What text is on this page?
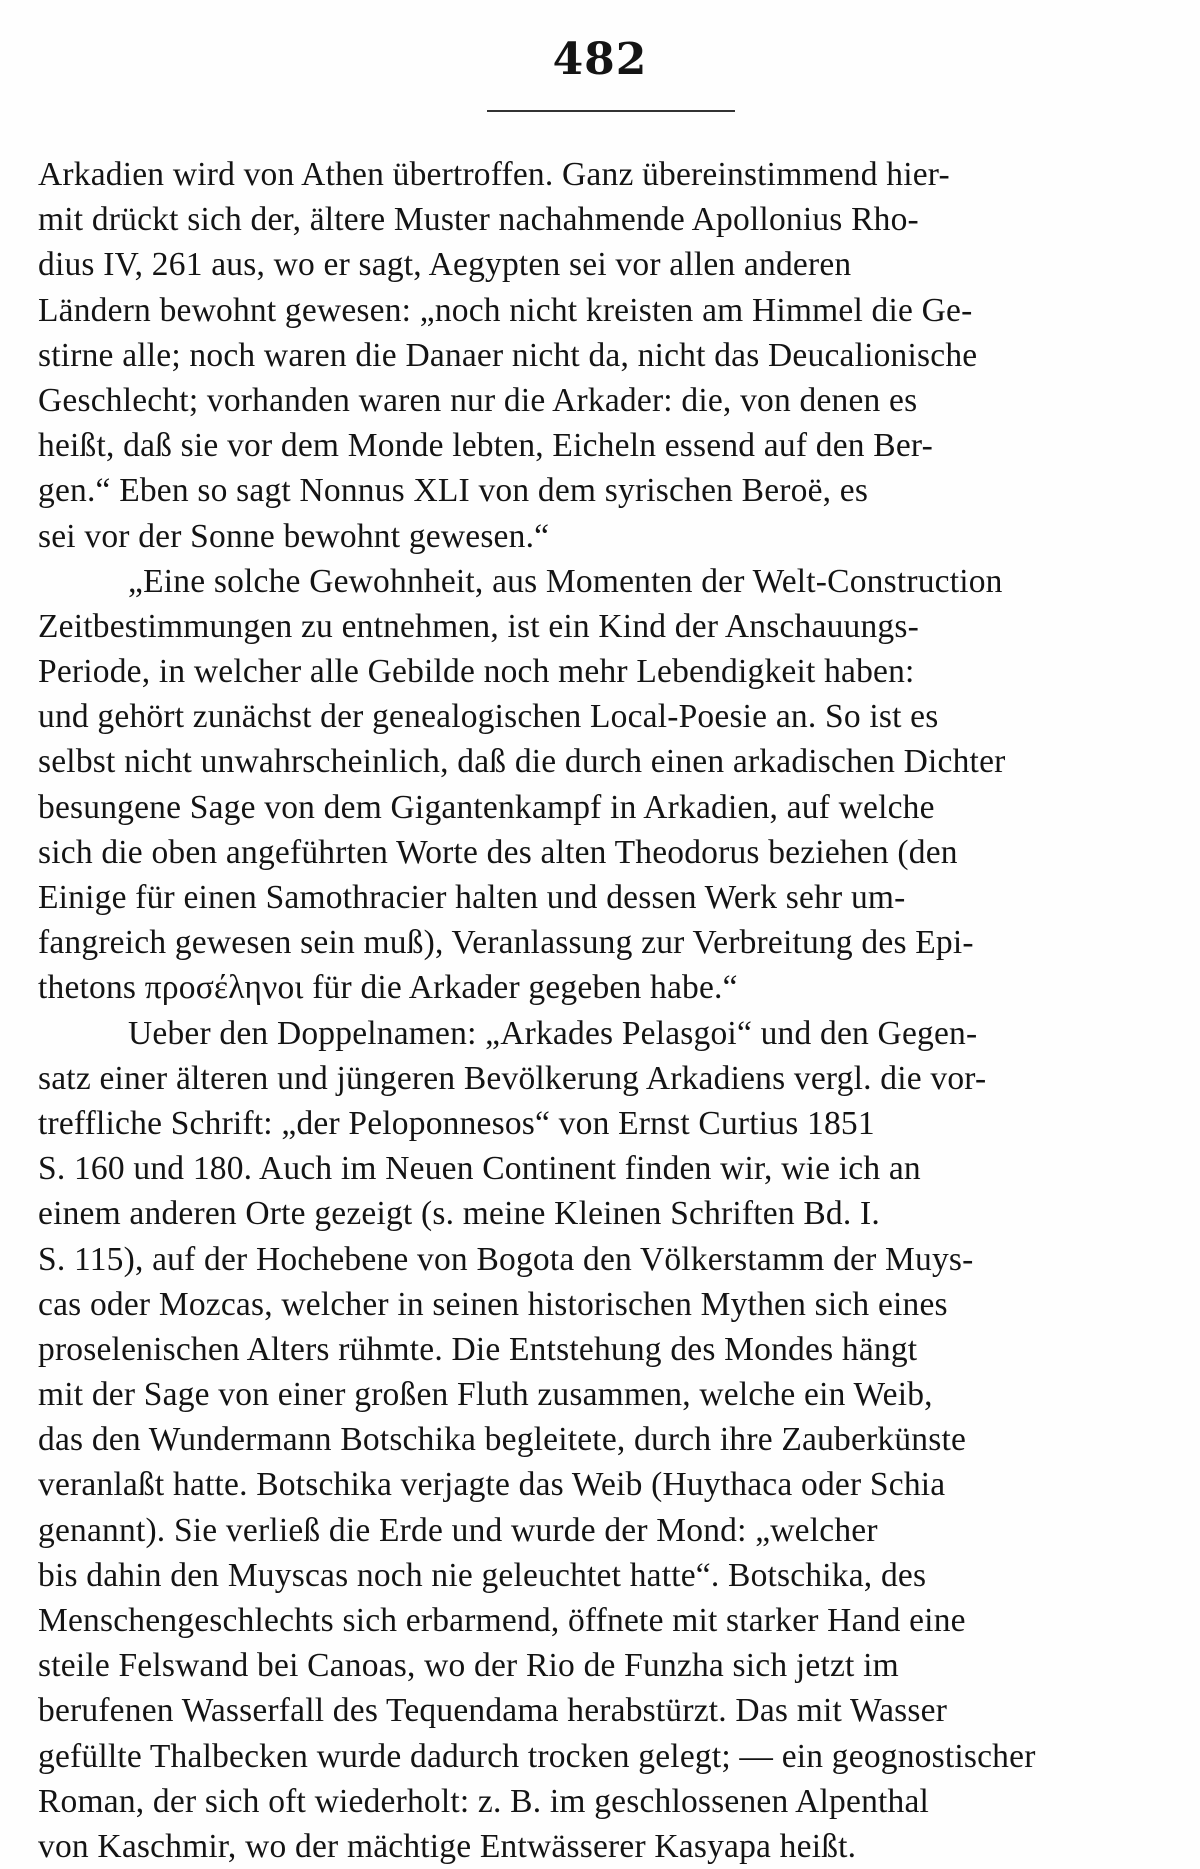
482
Arkadien wird von Athen übertroffen. Ganz übereinstimmend hier-
mit drückt sich der, ältere Muster nachahmende Apollonius Rho-
dius IV, 261 aus, wo er sagt, Aegypten sei vor allen anderen
Ländern bewohnt gewesen: „noch nicht kreisten am Himmel die Ge-
stirne alle; noch waren die Danaer nicht da, nicht das Deucalionische
Geschlecht; vorhanden waren nur die Arkader: die, von denen es
heißt, daß sie vor dem Monde lebten, Eicheln essend auf den Ber-
gen.“ Eben so sagt Nonnus XLI von dem syrischen Beroë, es
sei vor der Sonne bewohnt gewesen.“
„Eine solche Gewohnheit, aus Momenten der Welt-Construction
Zeitbestimmungen zu entnehmen, ist ein Kind der Anschauungs-
Periode, in welcher alle Gebilde noch mehr Lebendigkeit haben:
und gehört zunächst der genealogischen Local-Poesie an. So ist es
selbst nicht unwahrscheinlich, daß die durch einen arkadischen Dichter
besungene Sage von dem Gigantenkampf in Arkadien, auf welche
sich die oben angeführten Worte des alten Theodorus beziehen (den
Einige für einen Samothracier halten und dessen Werk sehr um-
fangreich gewesen sein muß), Veranlassung zur Verbreitung des Epi-
thetons προσέληνοι für die Arkader gegeben habe.“
Ueber den Doppelnamen: „Arkades Pelasgoi“ und den Gegen-
satz einer älteren und jüngeren Bevölkerung Arkadiens vergl. die vor-
treffliche Schrift: „der Peloponnesos“ von Ernst Curtius 1851
S. 160 und 180. Auch im Neuen Continent finden wir, wie ich an
einem anderen Orte gezeigt (s. meine Kleinen Schriften Bd. I.
S. 115), auf der Hochebene von Bogota den Völkerstamm der Muys-
cas oder Mozcas, welcher in seinen historischen Mythen sich eines
proselenischen Alters rühmte. Die Entstehung des Mondes hängt
mit der Sage von einer großen Fluth zusammen, welche ein Weib,
das den Wundermann Botschika begleitete, durch ihre Zauberkünste
veranlaßt hatte. Botschika verjagte das Weib (Huythaca oder Schia
genannt). Sie verließ die Erde und wurde der Mond: „welcher
bis dahin den Muyscas noch nie geleuchtet hatte“. Botschika, des
Menschengeschlechts sich erbarmend, öffnete mit starker Hand eine
steile Felswand bei Canoas, wo der Rio de Funzha sich jetzt im
berufenen Wasserfall des Tequendama herabstürzt. Das mit Wasser
gefüllte Thalbecken wurde dadurch trocken gelegt; — ein geognostischer
Roman, der sich oft wiederholt: z. B. im geschlossenen Alpenthal
von Kaschmir, wo der mächtige Entwässerer Kasyapa heißt.
